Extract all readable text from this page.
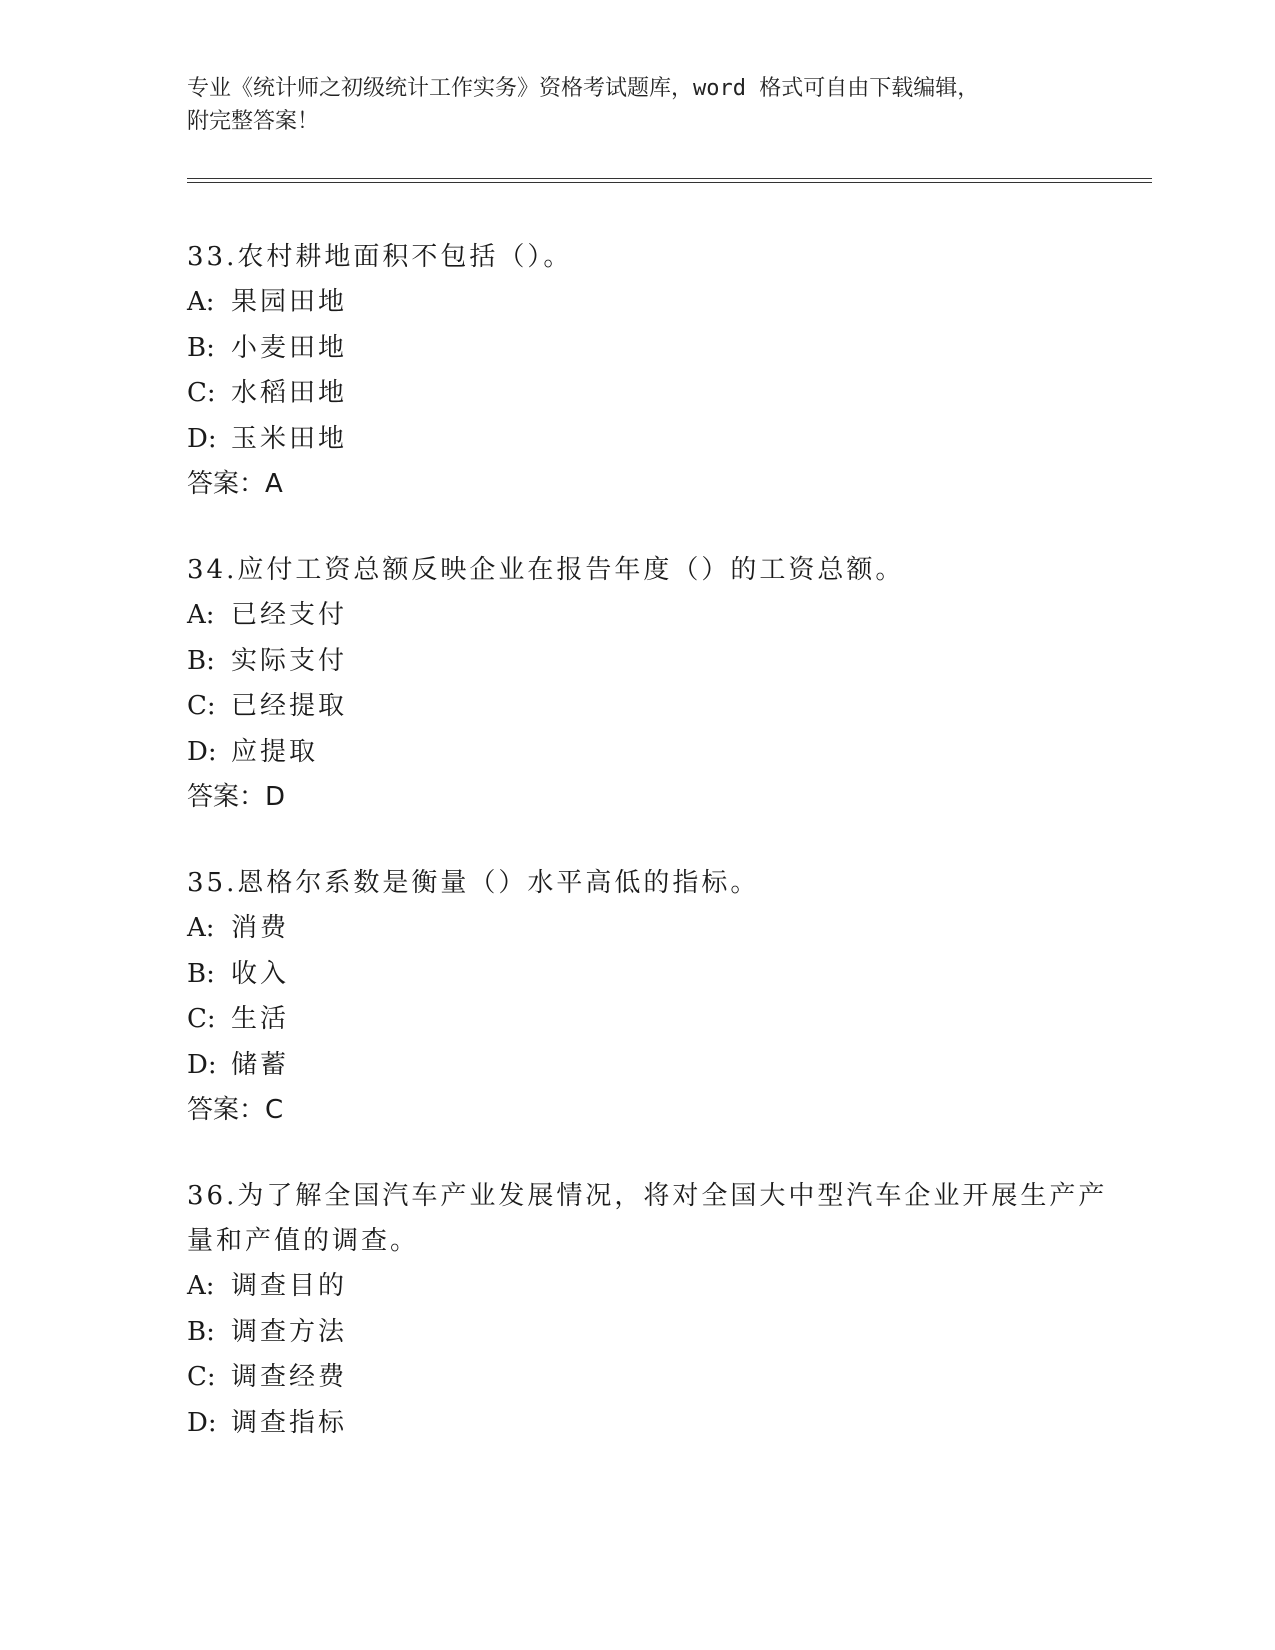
专业《统计师之初级统计工作实务》资格考试题库，word 格式可自由下载编辑，
附完整答案！

33.农村耕地面积不包括（）。

A: 果园田地

B: 小麦田地

C: 水稻田地

D: 玉米田地

答案：A

34.应付工资总额反映企业在报告年度（）的工资总额。

A: 已经支付

B: 实际支付

C: 已经提取

D: 应提取

答案：D

35.恩格尔系数是衡量（）水平高低的指标。

A: 消费

B: 收入

C: 生活

D: 储蓄

答案：C

36.为了解全国汽车产业发展情况，将对全国大中型汽车企业开展生产产量和产值的调查。

A: 调查目的

B: 调查方法

C: 调查经费

D: 调查指标
